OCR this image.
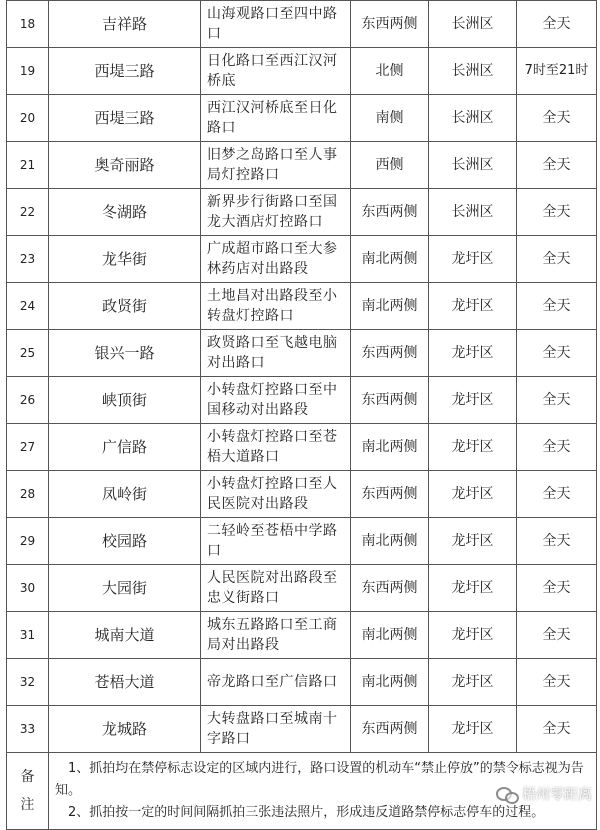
18	吉祥路	山海观路口至四中路口	东西两侧	长洲区	全天
19	西堤三路	日化路口至西江汉河桥底	北侧	长洲区	7时至21时
20	西堤三路	西江汉河桥底至日化路口	南侧	长洲区	全天
21	奥奇丽路	旧梦之岛路口至人事局灯控路口	西侧	长洲区	全天
22	冬湖路	新界步行街路口至国龙大酒店灯控路口	东西两侧	长洲区	全天
23	龙华街	广成超市路口至大参林药店对出路段	南北两侧	龙圩区	全天
24	政贤街	土地昌对出路段至小转盘灯控路口	南北两侧	龙圩区	全天
25	银兴一路	政贤路口至飞越电脑对出路口	东西两侧	龙圩区	全天
26	峡顶街	小转盘灯控路口至中国移动对出路段	东西两侧	龙圩区	全天
27	广信路	小转盘灯控路口至苍梧大道路口	南北两侧	龙圩区	全天
28	凤岭街	小转盘灯控路口至人民医院对出路段	东西两侧	龙圩区	全天
29	校园路	二轻岭至苍梧中学路口	南北两侧	龙圩区	全天
30	大园街	人民医院对出路段至忠义街路口	东西两侧	龙圩区	全天
31	城南大道	城东五路路口至工商局对出路段	南北两侧	龙圩区	全天
32	苍梧大道	帝龙路口至广信路口	南北两侧	龙圩区	全天
33	龙城路	大转盘路口至城南十字路口	东西两侧	龙圩区	全天
备注	1、抓拍均在禁停标志设定的区域内进行，路口设置的机动车“禁止停放”的禁令标志视为告知。
2、抓拍按一定的时间间隔抓拍三张违法照片，形成违反道路禁停标志停车的过程。				
梧州零距离
